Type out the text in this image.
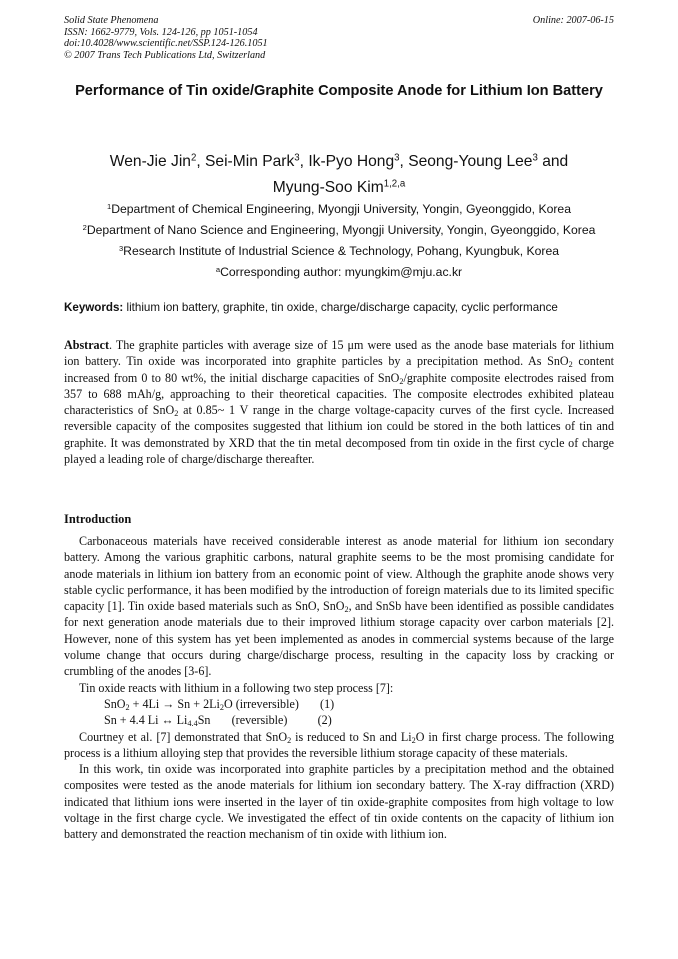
Solid State Phenomena
ISSN: 1662-9779, Vols. 124-126, pp 1051-1054
doi:10.4028/www.scientific.net/SSP.124-126.1051
© 2007 Trans Tech Publications Ltd, Switzerland
Online: 2007-06-15
Performance of Tin oxide/Graphite Composite Anode for Lithium Ion Battery
Wen-Jie Jin$^2$, Sei-Min Park$^3$, Ik-Pyo Hong$^3$, Seong-Young Lee$^3$ and
Myung-Soo Kim$^{1,2,a}$
$^1$Department of Chemical Engineering, Myongji University, Yongin, Gyeonggido, Korea
$^2$Department of Nano Science and Engineering, Myongji University, Yongin, Gyeonggido, Korea
$^3$Research Institute of Industrial Science & Technology, Pohang, Kyungbuk, Korea
$^a$Corresponding author: myungkim@mju.ac.kr
Keywords: lithium ion battery, graphite, tin oxide, charge/discharge capacity, cyclic performance
Abstract. The graphite particles with average size of 15 μm were used as the anode base materials for lithium ion battery. Tin oxide was incorporated into graphite particles by a precipitation method. As SnO$_2$ content increased from 0 to 80 wt%, the initial discharge capacities of SnO$_2$/graphite composite electrodes raised from 357 to 688 mAh/g, approaching to their theoretical capacities. The composite electrodes exhibited plateau characteristics of SnO$_2$ at 0.85~ 1 V range in the charge voltage-capacity curves of the first cycle. Increased reversible capacity of the composites suggested that lithium ion could be stored in the both lattices of tin and graphite. It was demonstrated by XRD that the tin metal decomposed from tin oxide in the first cycle of charge played a leading role of charge/discharge thereafter.
Introduction

Carbonaceous materials have received considerable interest as anode material for lithium ion secondary battery. Among the various graphitic carbons, natural graphite seems to be the most promising candidate for anode materials in lithium ion battery from an economic point of view. Although the graphite anode shows very stable cyclic performance, it has been modified by the introduction of foreign materials due to its limited specific capacity [1]. Tin oxide based materials such as SnO, SnO$_2$, and SnSb have been identified as possible candidates for next generation anode materials due to their improved lithium storage capacity over carbon materials [2]. However, none of this system has yet been implemented as anodes in commercial systems because of the large volume change that occurs during charge/discharge process, resulting in the capacity loss by cracking or crumbling of the anodes [3-6].

Tin oxide reacts with lithium in a following two step process [7]:

$SnO_2 + 4Li \to Sn + 2Li_2O$ (irreversible) (1)

Sn + 4.4 Li ↔ $Li_{4.4}Sn$ (reversible) (2)

Courtney et al. [7] demonstrated that SnO$_2$ is reduced to Sn and $Li_2O$ in first charge process. The following process is a lithium alloying step that provides the reversible lithium storage capacity of these materials.

In this work, tin oxide was incorporated into graphite particles by a precipitation method and the obtained composites were tested as the anode materials for lithium ion secondary battery. The X-ray diffraction (XRD) indicated that lithium ions were inserted in the layer of tin oxide-graphite composites from high voltage to low voltage in the first charge cycle. We investigated the effect of tin oxide contents on the capacity of lithium ion battery and demonstrated the reaction mechanism of tin oxide with lithium ion.
